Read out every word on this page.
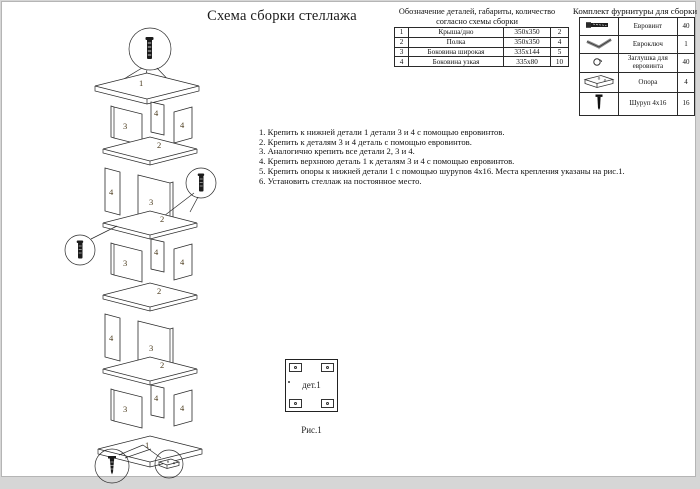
Схема сборки стеллажа	Обозначение деталей, габариты, количество
согласно схемы сборки
1	Крыша/дно	350х350	2
2	Полка	350х350	4
3	Боковина широкая	335х144	5
4	Боковина узкая	335х80	10
Комплект фурнитуры для сборки
	Евровинт	40
	Евроключ	1
	Заглушка для евровинта	40
	Опора	4
	Шуруп 4х16	16
1. Крепить к нижней детали 1 детали 3 и 4 с помощью евровинтов.
2. Крепить к деталям 3 и 4 деталь с помощью евровинтов.
3. Аналогично крепить все детали 2, 3 и 4.
4. Крепить верхнюю деталь 1 к деталям 3 и 4 с помощью евровинтов.
5. Крепить опоры к нижней детали 1 с помощью шурупов 4х16. Места крепления указаны на рис.1.
6. Установить стеллаж на постоянное место.
1
4
3	4
2
4
3
2
4
3	4
2
4
3
2
4
3	4
1
дет.1
Рис.1
